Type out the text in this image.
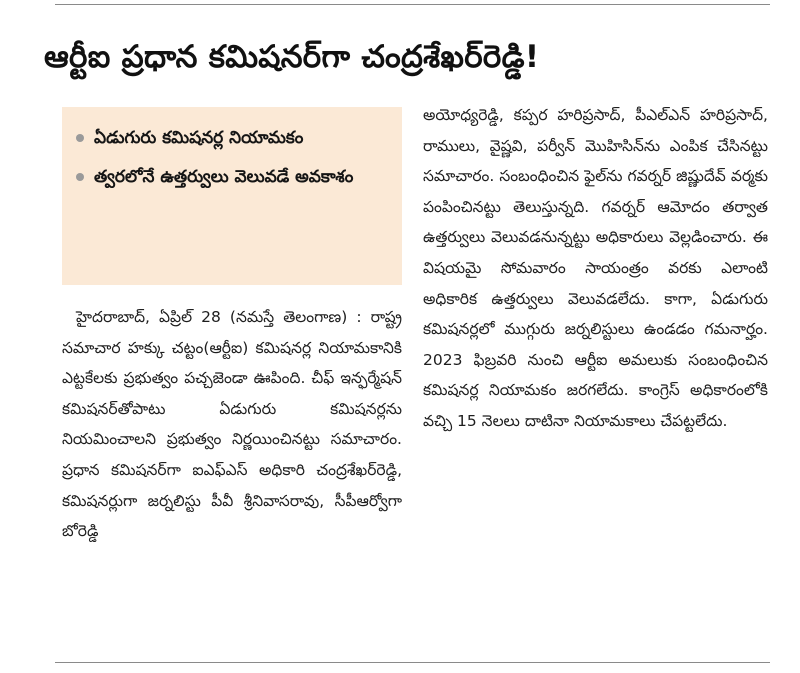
ఆర్టీఐ ప్రధాన కమిషనర్‌గా చంద్రశేఖర్‌రెడ్డి!
ఏడుగురు కమిషనర్ల నియామకం
త్వరలోనే ఉత్తర్వులు వెలువడే అవకాశం

హైదరాబాద్, ఏప్రిల్ 28 (నమస్తే తెలంగాణ) : రాష్ట్ర సమాచార హక్కు చట్టం(ఆర్టీఐ) కమిషనర్ల నియామకానికి ఎట్టకేలకు ప్రభుత్వం పచ్చజెండా ఊపింది. చీఫ్ ఇన్ఫర్మేషన్ కమిషనర్‌తోపాటు ఏడుగురు కమిషనర్లను నియమించాలని ప్రభుత్వం నిర్ణయించినట్టు సమాచారం. ప్రధాన కమిషనర్‌గా ఐఎఫ్ఎస్ అధికారి చంద్రశేఖర్‌రెడ్డి, కమిషనర్లుగా జర్నలిస్టు పీవీ శ్రీనివాసరావు, సీపీఆర్వోగా బోరెడ్డి

అయోధ్యరెడ్డి, కప్పర హరిప్రసాద్, పీఎల్ఎన్ హరిప్రసాద్, రాములు, వైష్ణవి, పర్వీన్ మొహిసిన్‌ను ఎంపిక చేసినట్టు సమాచారం. సంబంధించిన ఫైల్‌ను గవర్నర్ జిష్ణుదేవ్ వర్మకు పంపించినట్టు తెలుస్తున్నది. గవర్నర్ ఆమోదం తర్వాత ఉత్తర్వులు వెలువడనున్నట్టు అధికారులు వెల్లడించారు. ఈ విషయమై సోమవారం సాయంత్రం వరకు ఎలాంటి అధికారిక ఉత్తర్వులు వెలువడలేదు. కాగా, ఏడుగురు కమిషనర్లలో ముగ్గురు జర్నలిస్టులు ఉండడం గమనార్హం. 2023 ఫిబ్రవరి నుంచి ఆర్టీఐ అమలుకు సంబంధించిన కమిషనర్ల నియామకం జరగలేదు. కాంగ్రెస్ అధికారంలోకి వచ్చి 15 నెలలు దాటినా నియామకాలు చేపట్టలేదు.
